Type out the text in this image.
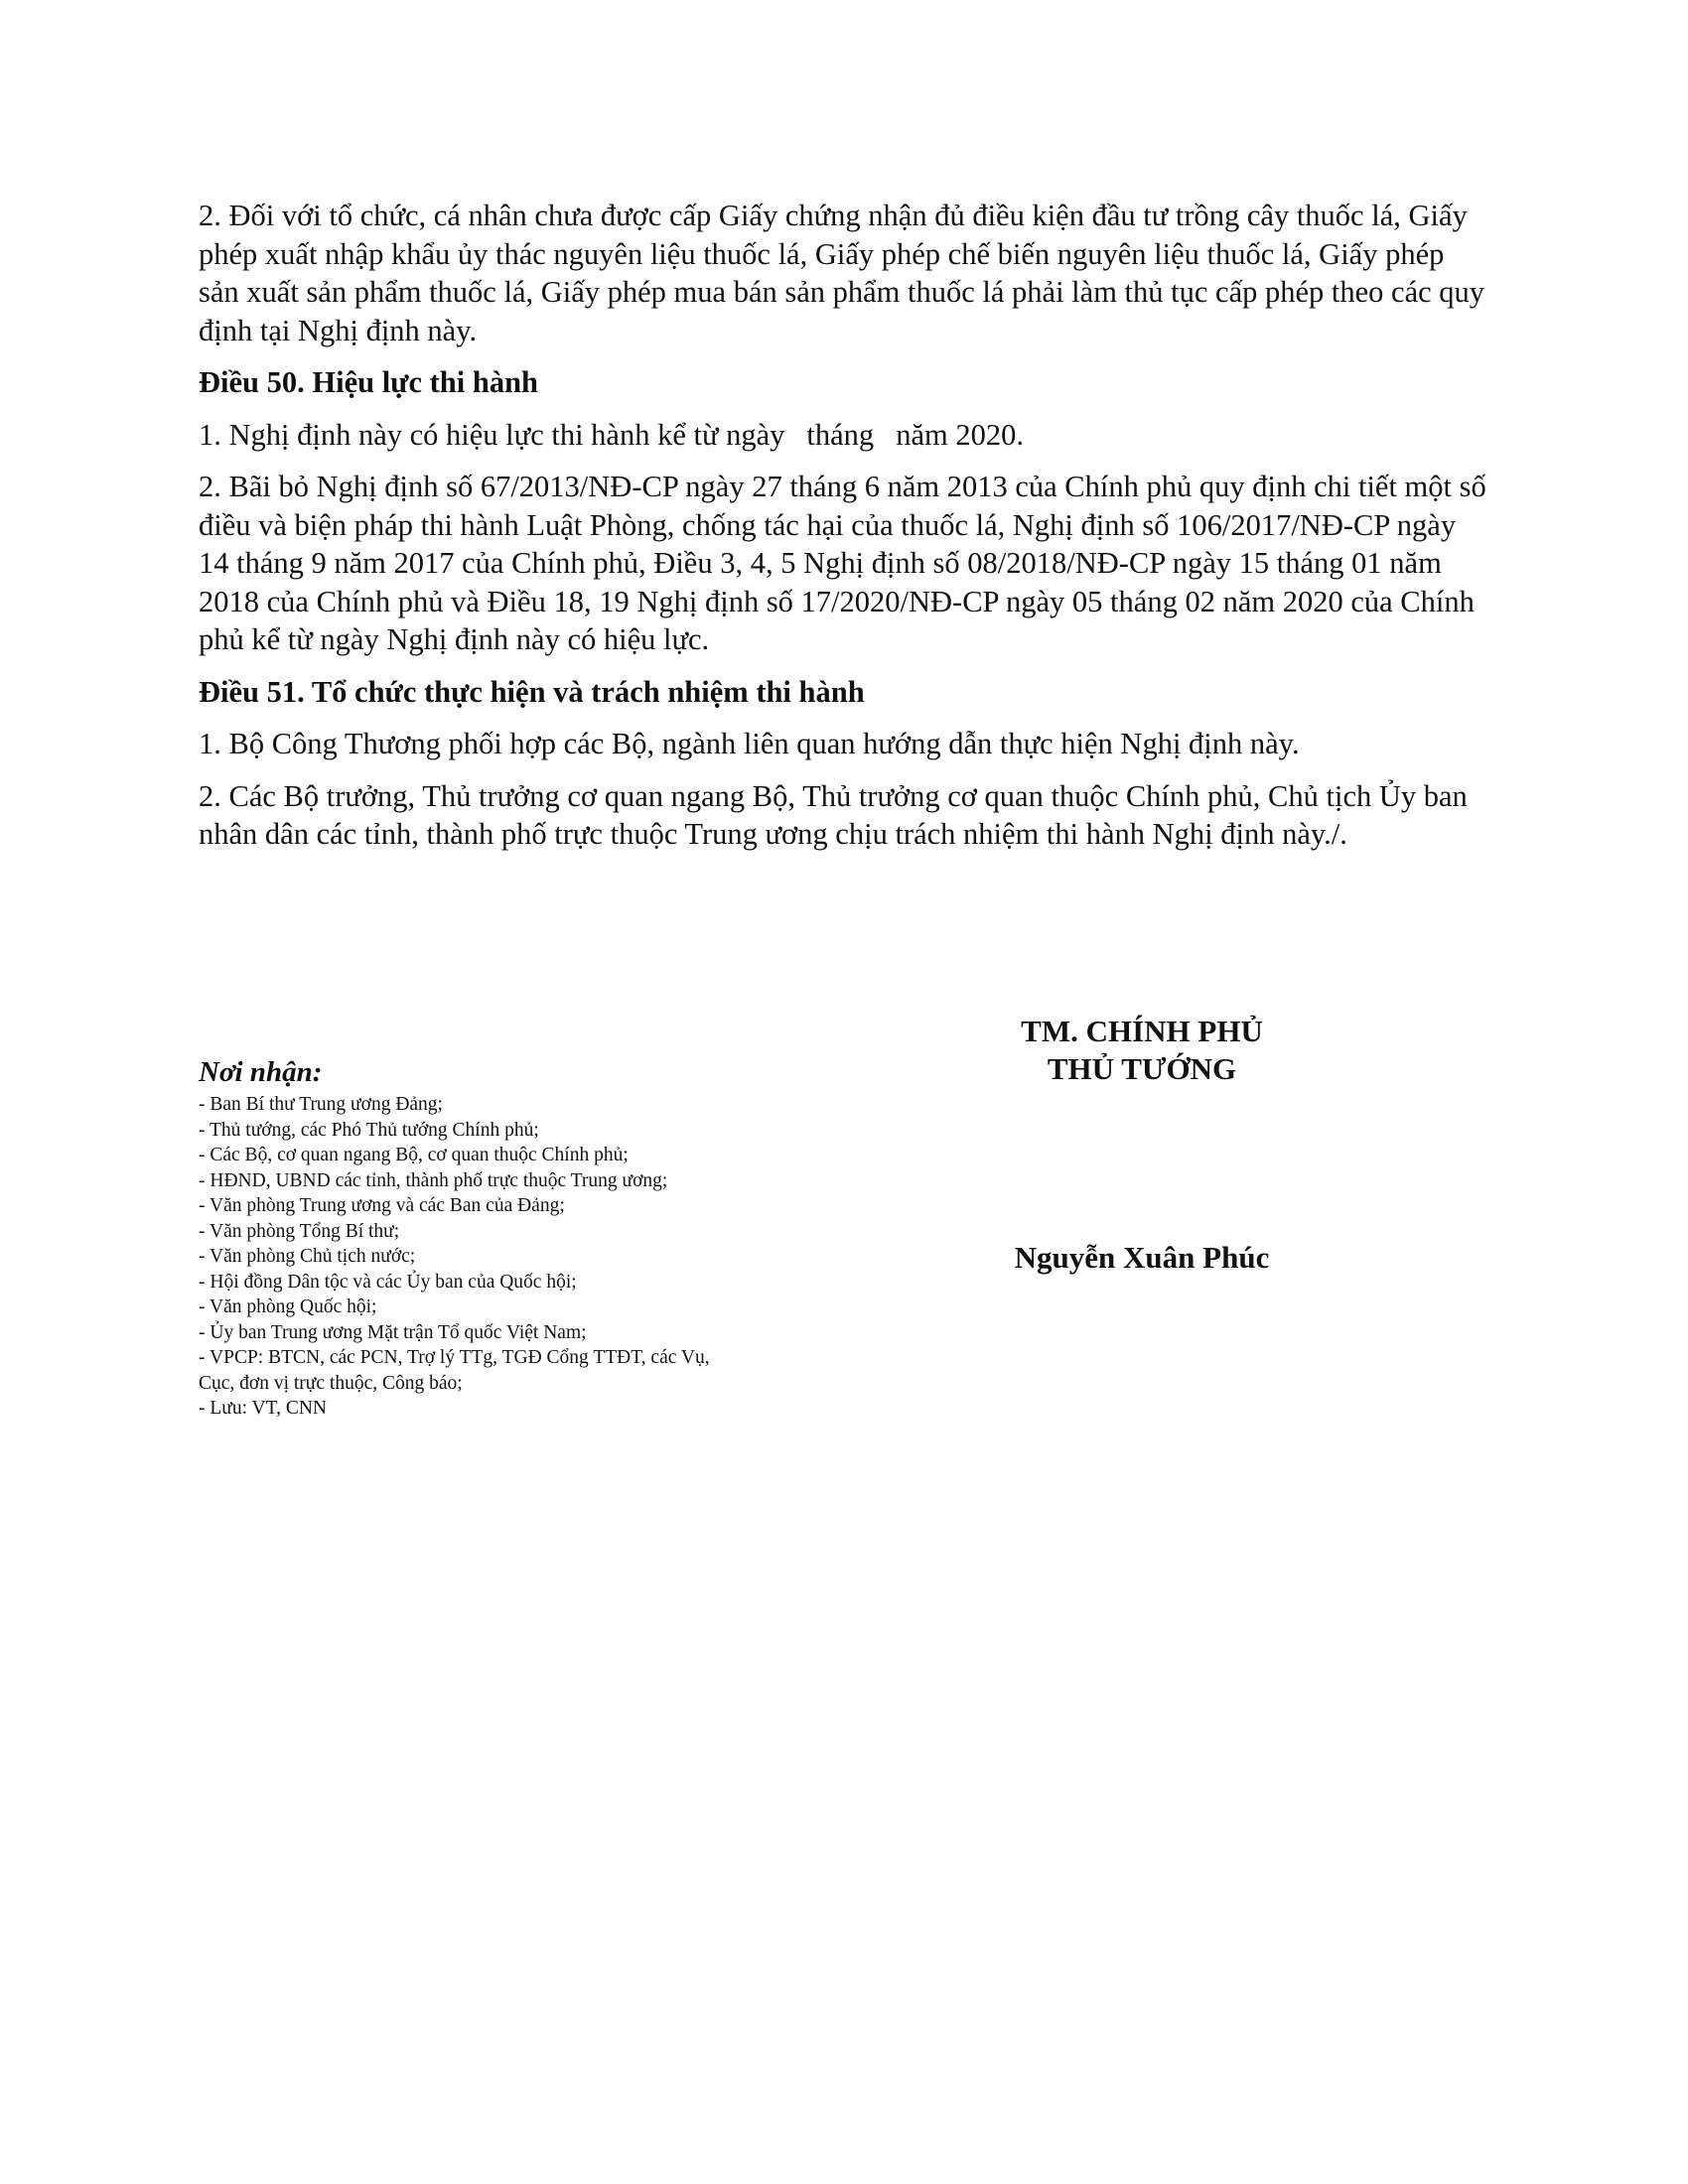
2. Đối với tổ chức, cá nhân chưa được cấp Giấy chứng nhận đủ điều kiện đầu tư trồng cây thuốc lá, Giấy phép xuất nhập khẩu ủy thác nguyên liệu thuốc lá, Giấy phép chế biến nguyên liệu thuốc lá, Giấy phép sản xuất sản phẩm thuốc lá, Giấy phép mua bán sản phẩm thuốc lá phải làm thủ tục cấp phép theo các quy định tại Nghị định này.

Điều 50. Hiệu lực thi hành

1. Nghị định này có hiệu lực thi hành kể từ ngày tháng năm 2020.

2. Bãi bỏ Nghị định số 67/2013/NĐ-CP ngày 27 tháng 6 năm 2013 của Chính phủ quy định chi tiết một số điều và biện pháp thi hành Luật Phòng, chống tác hại của thuốc lá, Nghị định số 106/2017/NĐ-CP ngày 14 tháng 9 năm 2017 của Chính phủ, Điều 3, 4, 5 Nghị định số 08/2018/NĐ-CP ngày 15 tháng 01 năm 2018 của Chính phủ và Điều 18, 19 Nghị định số 17/2020/NĐ-CP ngày 05 tháng 02 năm 2020 của Chính phủ kể từ ngày Nghị định này có hiệu lực.

Điều 51. Tổ chức thực hiện và trách nhiệm thi hành

1. Bộ Công Thương phối hợp các Bộ, ngành liên quan hướng dẫn thực hiện Nghị định này.

2. Các Bộ trưởng, Thủ trưởng cơ quan ngang Bộ, Thủ trưởng cơ quan thuộc Chính phủ, Chủ tịch Ủy ban nhân dân các tỉnh, thành phố trực thuộc Trung ương chịu trách nhiệm thi hành Nghị định này./.

TM. CHÍNH PHỦ
THỦ TƯỚNG
Nguyễn Xuân Phúc
Nơi nhận:
- Ban Bí thư Trung ương Đảng;
- Thủ tướng, các Phó Thủ tướng Chính phủ;
- Các Bộ, cơ quan ngang Bộ, cơ quan thuộc Chính phủ;
- HĐND, UBND các tỉnh, thành phố trực thuộc Trung ương;
- Văn phòng Trung ương và các Ban của Đảng;
- Văn phòng Tổng Bí thư;
- Văn phòng Chủ tịch nước;
- Hội đồng Dân tộc và các Ủy ban của Quốc hội;
- Văn phòng Quốc hội;
- Ủy ban Trung ương Mặt trận Tổ quốc Việt Nam;
- VPCP: BTCN, các PCN, Trợ lý TTg, TGĐ Cổng TTĐT, các Vụ,
Cục, đơn vị trực thuộc, Công báo;
- Lưu: VT, CNN
